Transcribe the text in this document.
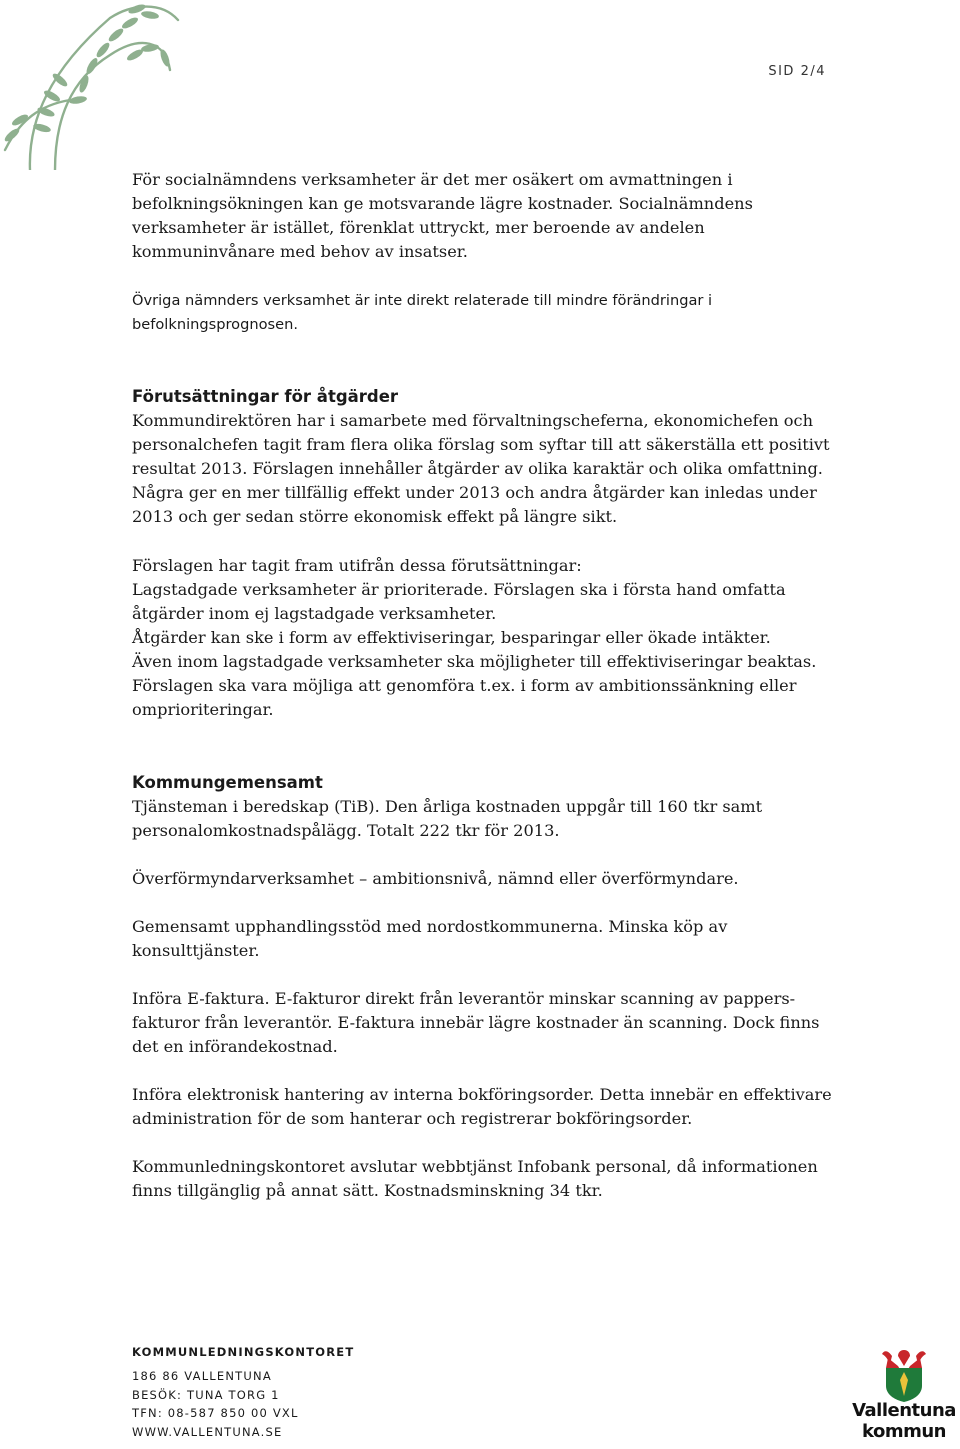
SID 2/4

För socialnämndens verksamheter är det mer osäkert om avmattningen i befolkningsökningen kan ge motsvarande lägre kostnader. Socialnämndens verksamheter är istället, förenklat uttryckt, mer beroende av andelen kommuninvånare med behov av insatser.

Övriga nämnders verksamhet är inte direkt relaterade till mindre förändringar i befolkningsprognosen.

Förutsättningar för åtgärder

Kommundirektören har i samarbete med förvaltningscheferna, ekonomichefen och personalchefen tagit fram flera olika förslag som syftar till att säkerställa ett positivt resultat 2013. Förslagen innehåller åtgärder av olika karaktär och olika omfattning. Några ger en mer tillfällig effekt under 2013 och andra åtgärder kan inledas under 2013 och ger sedan större ekonomisk effekt på längre sikt.

Förslagen har tagit fram utifrån dessa förutsättningar:

Lagstadgade verksamheter är prioriterade. Förslagen ska i första hand omfatta åtgärder inom ej lagstadgade verksamheter.

Åtgärder kan ske i form av effektiviseringar, besparingar eller ökade intäkter.

Även inom lagstadgade verksamheter ska möjligheter till effektiviseringar beaktas.

Förslagen ska vara möjliga att genomföra t.ex. i form av ambitionssänkning eller omprioriteringar.

Kommungemensamt

Tjänsteman i beredskap (TiB). Den årliga kostnaden uppgår till 160 tkr samt personalomkostnadspålägg. Totalt 222 tkr för 2013.

Överförmyndarverksamhet – ambitionsnivå, nämnd eller överförmyndare.

Gemensamt upphandlingsstöd med nordostkommunerna. Minska köp av konsulttjänster.

Införa E-faktura. E-fakturor direkt från leverantör minskar scanning av pappers-fakturor från leverantör. E-faktura innebär lägre kostnader än scanning. Dock finns det en införandekostnad.

Införa elektronisk hantering av interna bokföringsorder. Detta innebär en effektivare administration för de som hanterar och registrerar bokföringsorder.

Kommunledningskontoret avslutar webbtjänst Infobank personal, då informationen finns tillgänglig på annat sätt. Kostnadsminskning 34 tkr.

KOMMUNLEDNINGSKONTORET
186 86 VALLENTUNA
BESÖK: TUNA TORG 1
TFN: 08-587 850 00 VXL
WWW.VALLENTUNA.SE
Vallentuna
kommun
